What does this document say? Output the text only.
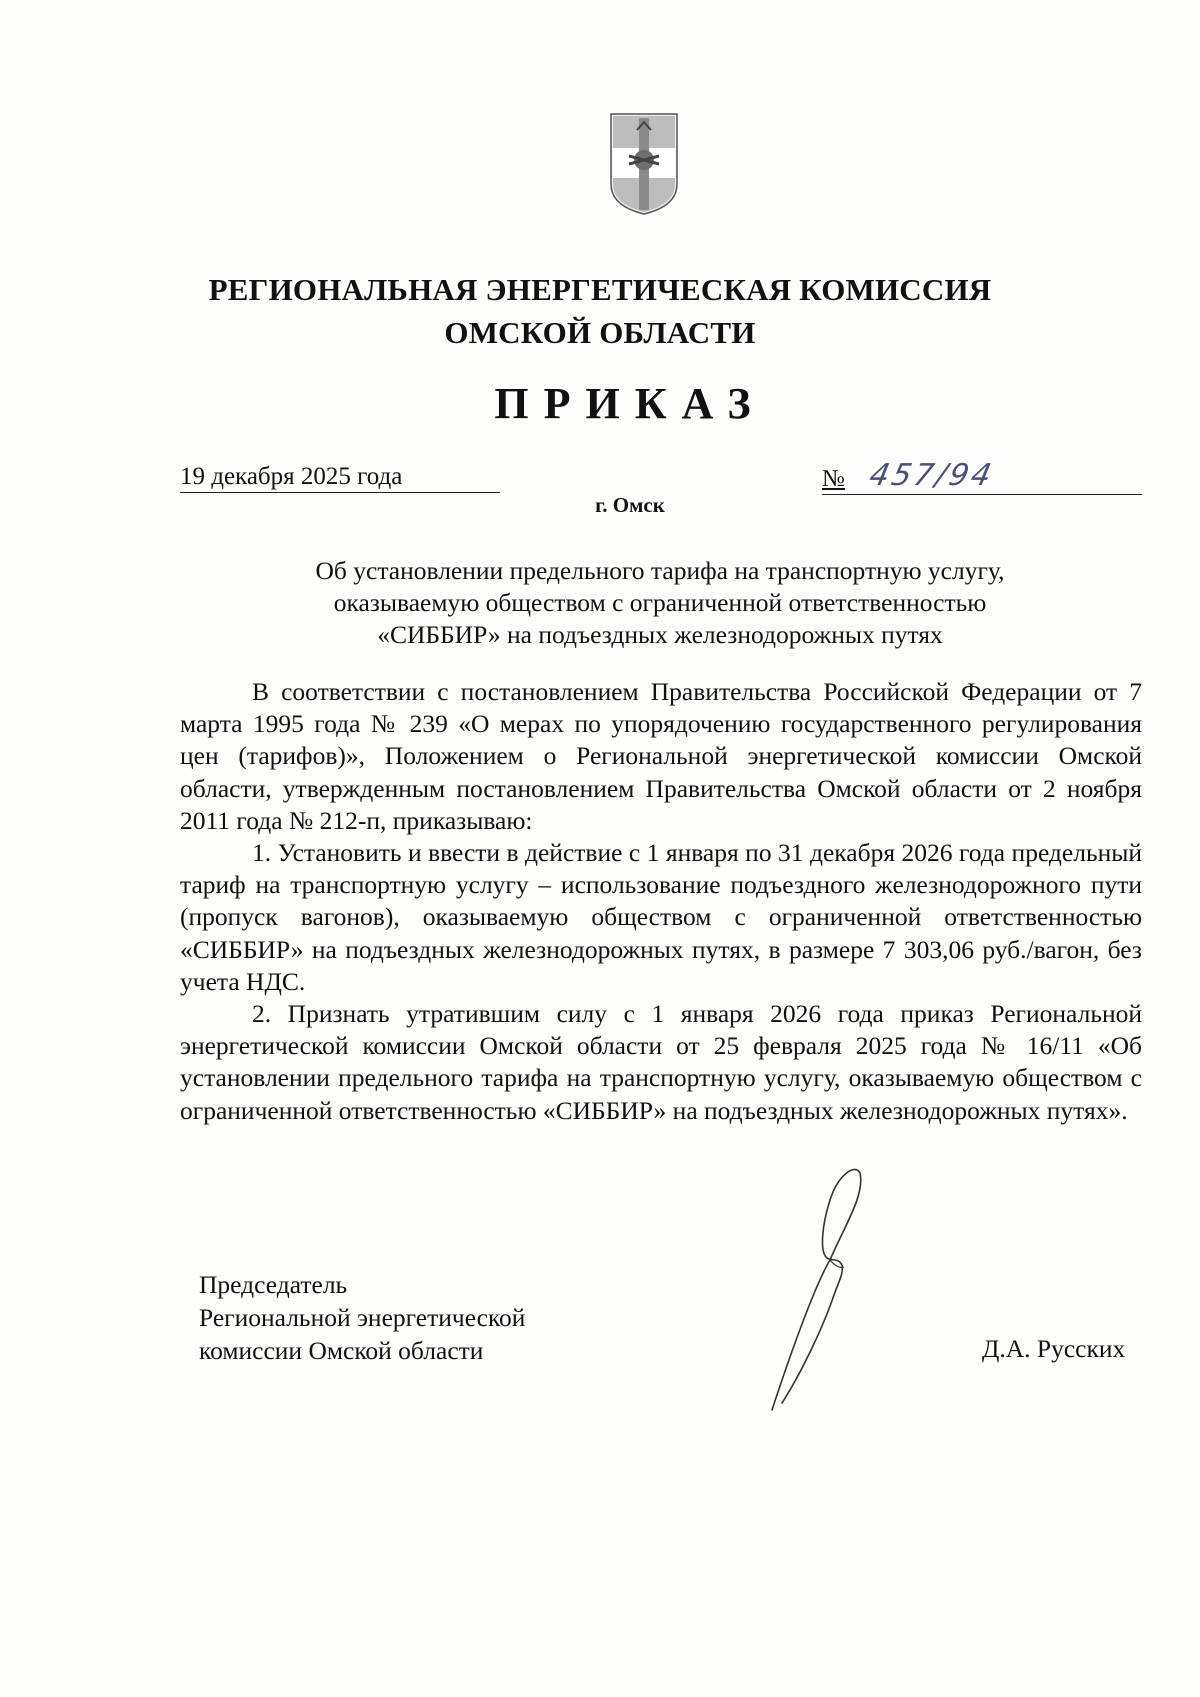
РЕГИОНАЛЬНАЯ ЭНЕРГЕТИЧЕСКАЯ КОМИССИЯ
ОМСКОЙ ОБЛАСТИ
ПРИКАЗ
19 декабря 2025 года	№ 457/94
г. Омск
Об установлении предельного тарифа на транспортную услугу,
оказываемую обществом с ограниченной ответственностью
«СИББИР» на подъездных железнодорожных путях

В соответствии с постановлением Правительства Российской Федерации от 7 марта 1995 года № 239 «О мерах по упорядочению государственного регулирования цен (тарифов)», Положением о Региональной энергетической комиссии Омской области, утвержденным постановлением Правительства Омской области от 2 ноября 2011 года № 212-п, приказываю:

1. Установить и ввести в действие с 1 января по 31 декабря 2026 года предельный тариф на транспортную услугу – использование подъездного железнодорожного пути (пропуск вагонов), оказываемую обществом с ограниченной ответственностью «СИББИР» на подъездных железнодорожных путях, в размере 7 303,06 руб./вагон, без учета НДС.

2. Признать утратившим силу с 1 января 2026 года приказ Региональной энергетической комиссии Омской области от 25 февраля 2025 года № 16/11 «Об установлении предельного тарифа на транспортную услугу, оказываемую обществом с ограниченной ответственностью «СИББИР» на подъездных железнодорожных путях».

Председатель
Региональной энергетической
комиссии Омской области	Д.А. Русских
